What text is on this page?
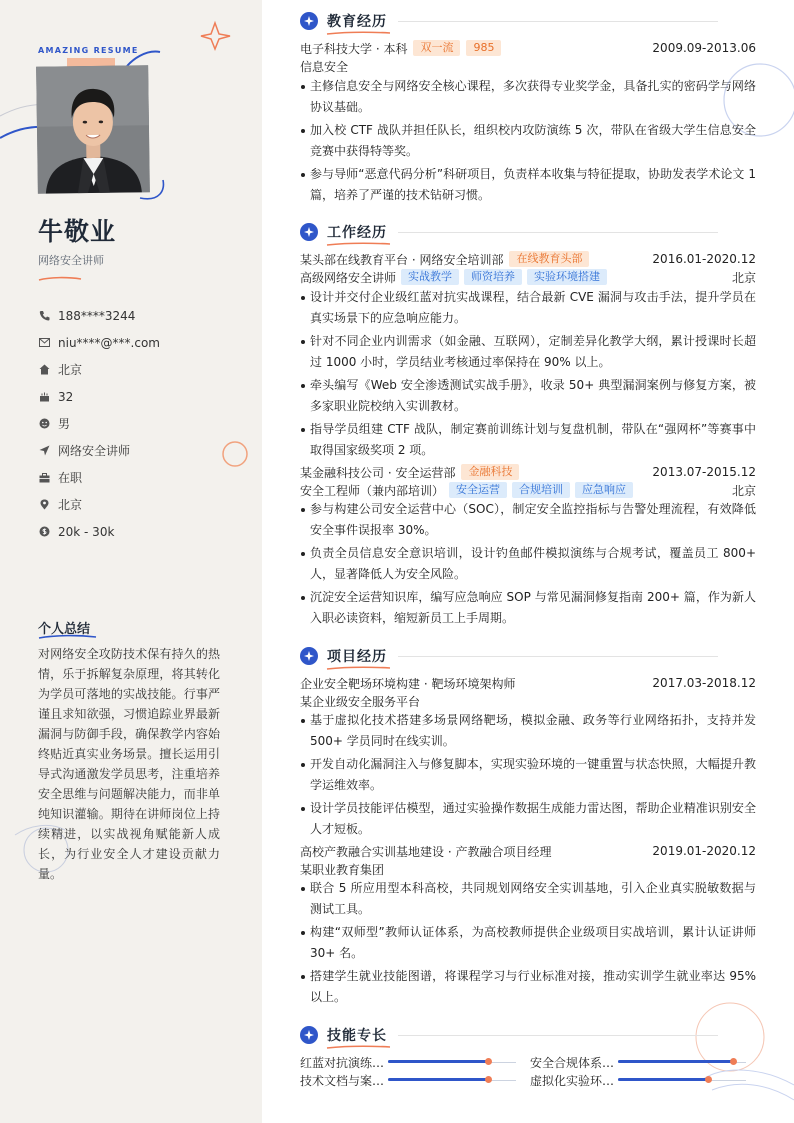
AMAZING RESUME
牛敬业
网络安全讲师
188****3244
niu****@***.com
北京
32
男
网络安全讲师
在职
北京
20k - 30k
个人总结
对网络安全攻防技术保有持久的热情，乐于拆解复杂原理，将其转化为学员可落地的实战技能。行事严谨且求知欲强，习惯追踪业界最新漏洞与防御手段，确保教学内容始终贴近真实业务场景。擅长运用引导式沟通激发学员思考，注重培养安全思维与问题解决能力，而非单纯知识灌输。期待在讲师岗位上持续精进，以实战视角赋能新人成长，为行业安全人才建设贡献力量。
教育经历
电子科技大学 · 本科	双一流	985	2009.09-2013.06
信息安全
主修信息安全与网络安全核心课程，多次获得专业奖学金，具备扎实的密码学与网络协议基础。
加入校 CTF 战队并担任队长，组织校内攻防演练 5 次，带队在省级大学生信息安全竞赛中获得特等奖。
参与导师“恶意代码分析”科研项目，负责样本收集与特征提取，协助发表学术论文 1 篇，培养了严谨的技术钻研习惯。
工作经历
某头部在线教育平台 · 网络安全培训部	在线教育头部	2016.01-2020.12
高级网络安全讲师	实战教学	师资培养	实验环境搭建	北京
设计并交付企业级红蓝对抗实战课程，结合最新 CVE 漏洞与攻击手法，提升学员在真实场景下的应急响应能力。
针对不同企业内训需求（如金融、互联网），定制差异化教学大纲，累计授课时长超过 1000 小时，学员结业考核通过率保持在 90% 以上。
牵头编写《Web 安全渗透测试实战手册》，收录 50+ 典型漏洞案例与修复方案，被多家职业院校纳入实训教材。
指导学员组建 CTF 战队，制定赛前训练计划与复盘机制，带队在“强网杯”等赛事中取得国家级奖项 2 项。
某金融科技公司 · 安全运营部	金融科技	2013.07-2015.12
安全工程师（兼内部培训）	安全运营	合规培训	应急响应	北京
参与构建公司安全运营中心（SOC），制定安全监控指标与告警处理流程，有效降低安全事件误报率 30%。
负责全员信息安全意识培训，设计钓鱼邮件模拟演练与合规考试，覆盖员工 800+ 人，显著降低人为安全风险。
沉淀安全运营知识库，编写应急响应 SOP 与常见漏洞修复指南 200+ 篇，作为新人入职必读资料，缩短新员工上手周期。
项目经历
企业安全靶场环境构建 · 靶场环境架构师	2017.03-2018.12
某企业级安全服务平台
基于虚拟化技术搭建多场景网络靶场，模拟金融、政务等行业网络拓扑，支持并发 500+ 学员同时在线实训。
开发自动化漏洞注入与修复脚本，实现实验环境的一键重置与状态快照，大幅提升教学运维效率。
设计学员技能评估模型，通过实验操作数据生成能力雷达图，帮助企业精准识别安全人才短板。
高校产教融合实训基地建设 · 产教融合项目经理	2019.01-2020.12
某职业教育集团
联合 5 所应用型本科高校，共同规划网络安全实训基地，引入企业真实脱敏数据与测试工具。
构建“双师型”教师认证体系，为高校教师提供企业级项目实战培训，累计认证讲师 30+ 名。
搭建学生就业技能图谱，将课程学习与行业标准对接，推动实训学生就业率达 95% 以上。
技能专长
红蓝对抗演练…	安全合规体系…
技术文档与案…	虚拟化实验环…
